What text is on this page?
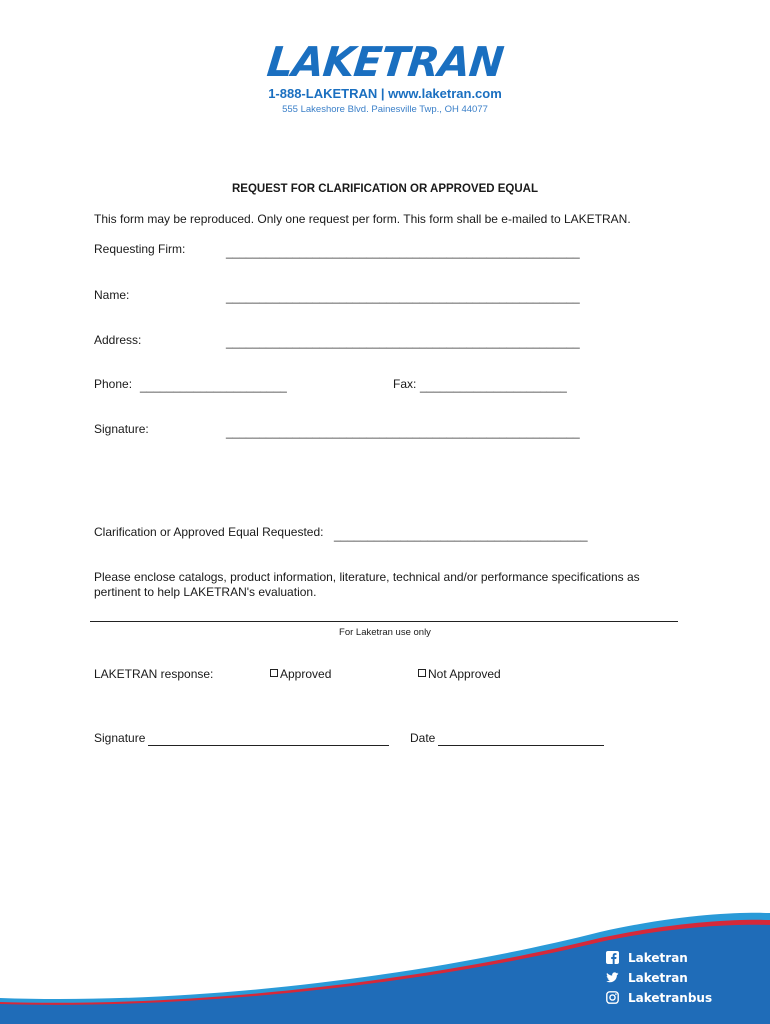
LAKETRAN
1-888-LAKETRAN | www.laketran.com
555 Lakeshore Blvd. Painesville Twp., OH 44077
REQUEST FOR CLARIFICATION OR APPROVED EQUAL
This form may be reproduced. Only one request per form. This form shall be e-mailed to LAKETRAN.
Requesting Firm:	_____________________________________________________
Name:	_____________________________________________________
Address:	_____________________________________________________
Phone: ______________________	Fax: ______________________
Signature:	_____________________________________________________
Clarification or Approved Equal Requested: ______________________________________
Please enclose catalogs, product information, literature, technical and/or performance specifications as
pertinent to help LAKETRAN's evaluation.
For Laketran use only
LAKETRAN response:	Approved	Not Approved
Signature	Date
Laketran
Laketran
Laketranbus
